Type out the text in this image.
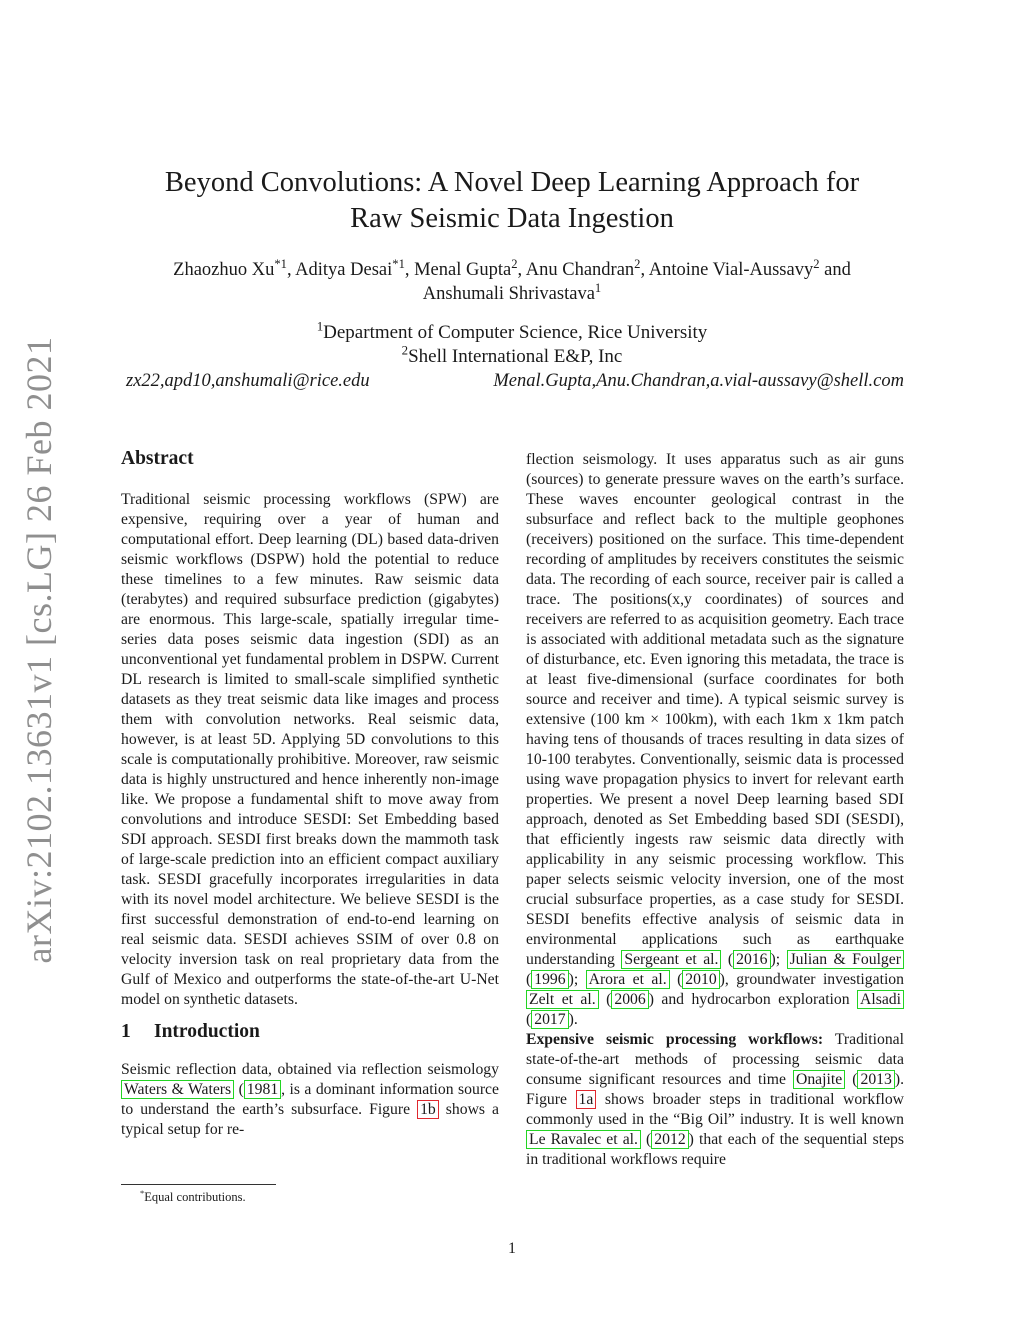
arXiv:2102.13631v1 [cs.LG] 26 Feb 2021
Beyond Convolutions: A Novel Deep Learning Approach for
Raw Seismic Data Ingestion
Zhaozhuo Xu$^{*1}$, Aditya Desai$^{*1}$, Menal Gupta$^2$, Anu Chandran$^2$, Antoine Vial-Aussavy$^2$ and
Anshumali Shrivastava$^1$
$^1$Department of Computer Science, Rice University
$^2$Shell International E&P, Inc
zx22,apd10,anshumali@rice.edu	Menal.Gupta,Anu.Chandran,a.vial-aussavy@shell.com
Abstract

Traditional seismic processing workflows (SPW) are expensive, requiring over a year of human and computational effort. Deep learning (DL) based data-driven seismic workflows (DSPW) hold the potential to reduce these timelines to a few minutes. Raw seismic data (terabytes) and required subsurface prediction (gigabytes) are enormous. This large-scale, spatially irregular time-series data poses seismic data ingestion (SDI) as an unconventional yet fundamental problem in DSPW. Current DL research is limited to small-scale simplified synthetic datasets as they treat seismic data like images and process them with convolution networks. Real seismic data, however, is at least 5D. Applying 5D convolutions to this scale is computationally prohibitive. Moreover, raw seismic data is highly unstructured and hence inherently non-image like. We propose a fundamental shift to move away from convolutions and introduce SESDI: Set Embedding based SDI approach. SESDI first breaks down the mammoth task of large-scale prediction into an efficient compact auxiliary task. SESDI gracefully incorporates irregularities in data with its novel model architecture. We believe SESDI is the first successful demonstration of end-to-end learning on real seismic data. SESDI achieves SSIM of over 0.8 on velocity inversion task on real proprietary data from the Gulf of Mexico and outperforms the state-of-the-art U-Net model on synthetic datasets.

1 Introduction

Seismic reflection data, obtained via reflection seismology Waters & Waters ( 1981 , is a dominant information source to understand the earth’s subsurface. Figure 1b shows a typical setup for re-

flection seismology. It uses apparatus such as air guns (sources) to generate pressure waves on the earth’s surface. These waves encounter geological contrast in the subsurface and reflect back to the multiple geophones (receivers) positioned on the surface. This time-dependent recording of amplitudes by receivers constitutes the seismic data. The recording of each source, receiver pair is called a trace. The positions(x,y coordinates) of sources and receivers are referred to as acquisition geometry. Each trace is associated with additional metadata such as the signature of disturbance, etc. Even ignoring this metadata, the trace is at least five-dimensional (surface coordinates for both source and receiver and time). A typical seismic survey is extensive (100 km × 100km), with each 1km x 1km patch having tens of thousands of traces resulting in data sizes of 10-100 terabytes. Conventionally, seismic data is processed using wave propagation physics to invert for relevant earth properties. We present a novel Deep learning based SDI approach, denoted as Set Embedding based SDI (SESDI), that efficiently ingests raw seismic data directly with applicability in any seismic processing workflow. This paper selects seismic velocity inversion, one of the most crucial subsurface properties, as a case study for SESDI. SESDI benefits effective analysis of seismic data in environmental applications such as earthquake understanding Sergeant et al. ( 2016 ); Julian & Foulger ( 1996 ); Arora et al. ( 2010 ), groundwater investigation Zelt et al. ( 2006 ) and hydrocarbon exploration Alsadi ( 2017 ).

Expensive seismic processing workflows: Traditional state-of-the-art methods of processing seismic data consume significant resources and time Onajite ( 2013 ). Figure 1a shows broader steps in traditional workflow commonly used in the “Big Oil” industry. It is well known Le Ravalec et al. ( 2012 ) that each of the sequential steps in traditional workflows require

*Equal contributions.
1
